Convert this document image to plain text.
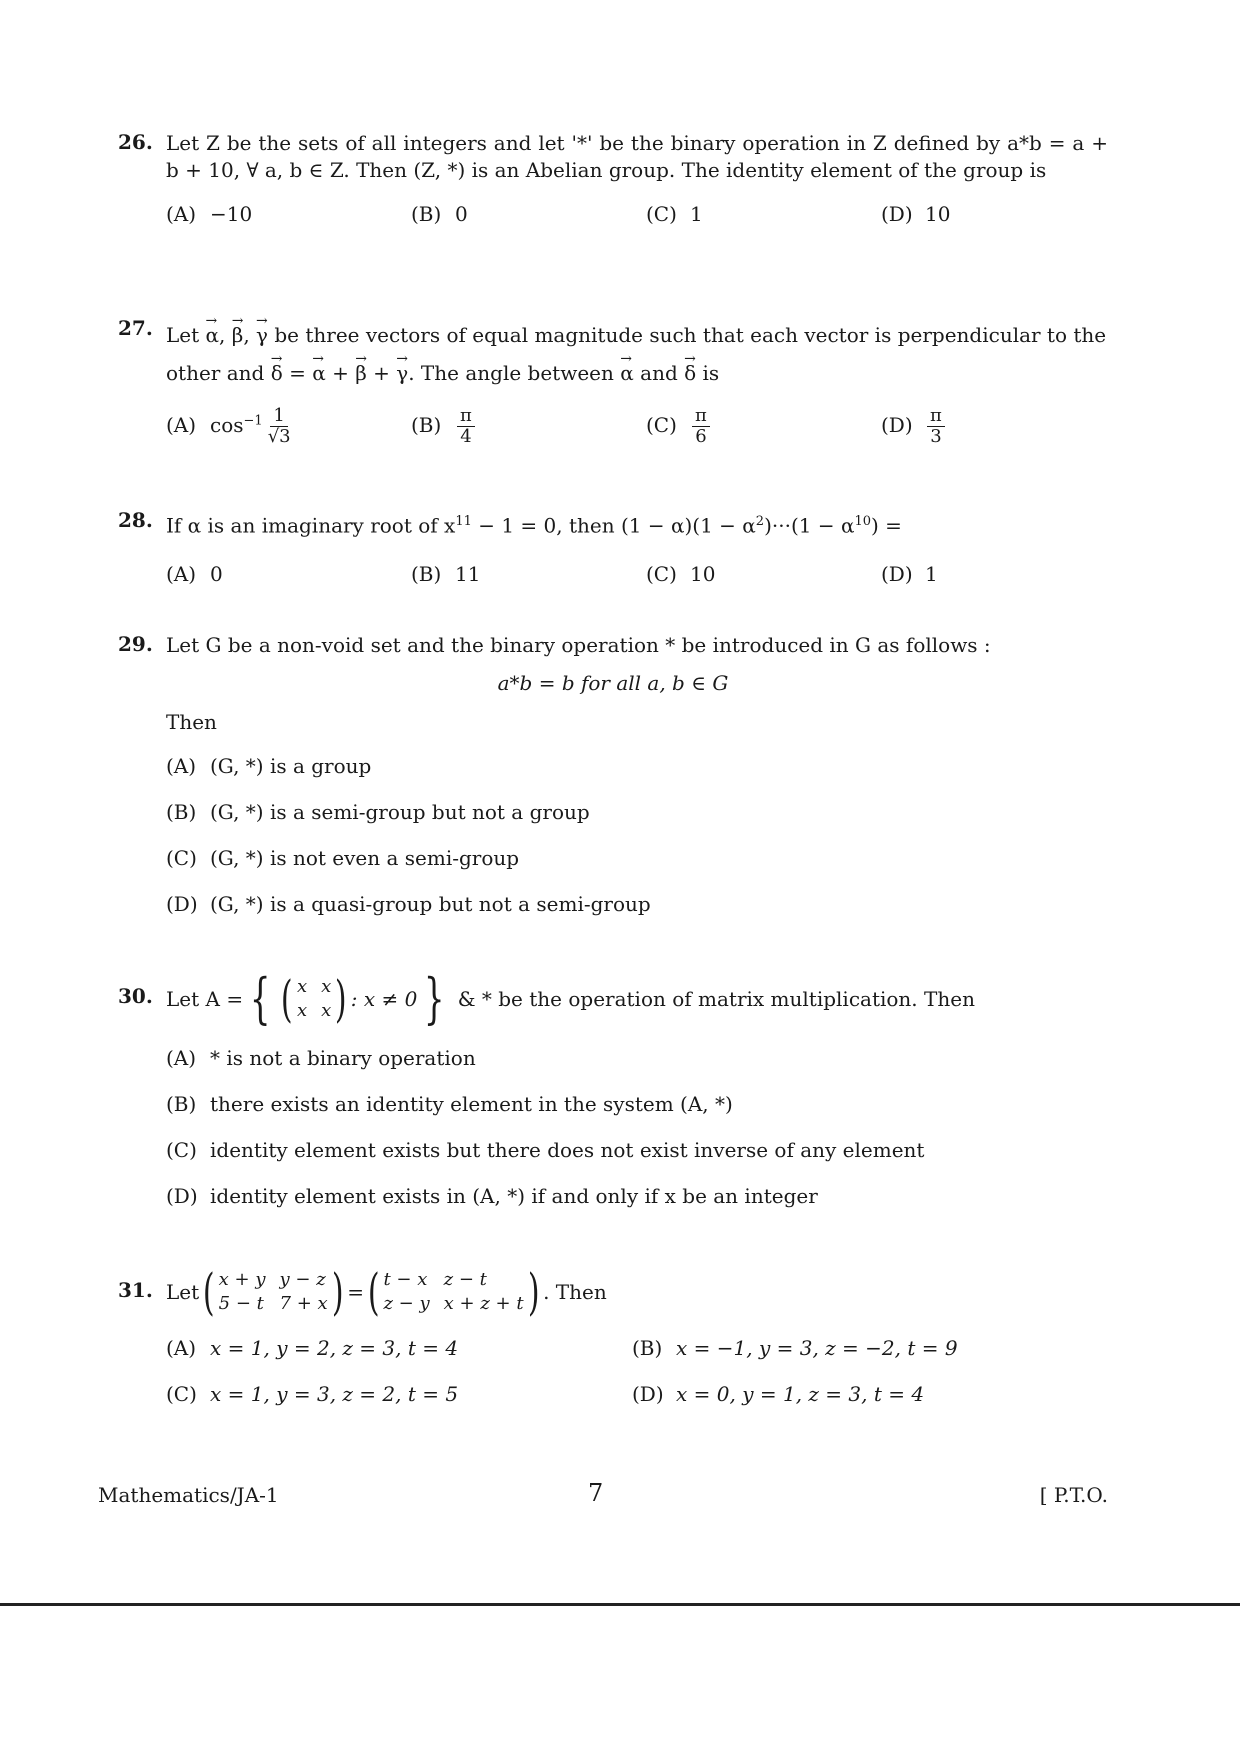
26. Let Z be the sets of all integers and let '*' be the binary operation in Z defined by a*b = a + b + 10, ∀ a, b ∈ Z. Then (Z, *) is an Abelian group. The identity element of the group is
(A) −10	(B) 0	(C) 1	(D) 10
27. Let → α, → β, → γ be three vectors of equal magnitude such that each vector is perpendicular to the
other and → δ = → α + → β + → γ. The angle between → α and → δ is
(A) $\cos^{-1} \frac{1}{√3}$	$(B) \frac{\pi}{4}$	$(C) \frac{\pi}{6}$	$(D) \frac{\pi}{3}$
28. If α is an imaginary root of $x^{11} - 1 = 0$, then $(1 - \alpha)(1 - \alpha^2)\cdot\cdot\cdot(1 - \alpha^{10})$ =
(A) 0	(B) 11	(C) 10	(D) 1
29. Let G be a non-void set and the binary operation * be introduced in G as follows :
a*b = b for all a, b ∈ G
Then
(A) (G, *) is a group
(B) (G, *) is a semi-group but not a group
(C) (G, *) is not even a semi-group
(D) (G, *) is a quasi-group but not a semi-group
30. Let A = { ( x x
x x ) : x ≠ 0 } & * be the operation of matrix multiplication. Then
(A) * is not a binary operation
(B) there exists an identity element in the system (A, *)
(C) identity element exists but there does not exist inverse of any element
(D) identity element exists in (A, *) if and only if x be an integer
31. Let ( x + y y − z
5 − t 7 + x ) = ( t − x z − t
z − y x + z + t ) . Then
(A) x = 1, y = 2, z = 3, t = 4	(B) x = −1, y = 3, z = −2, t = 9
(C) x = 1, y = 3, z = 2, t = 5	(D) x = 0, y = 1, z = 3, t = 4
Mathematics/JA-1	7	[ P.T.O.
